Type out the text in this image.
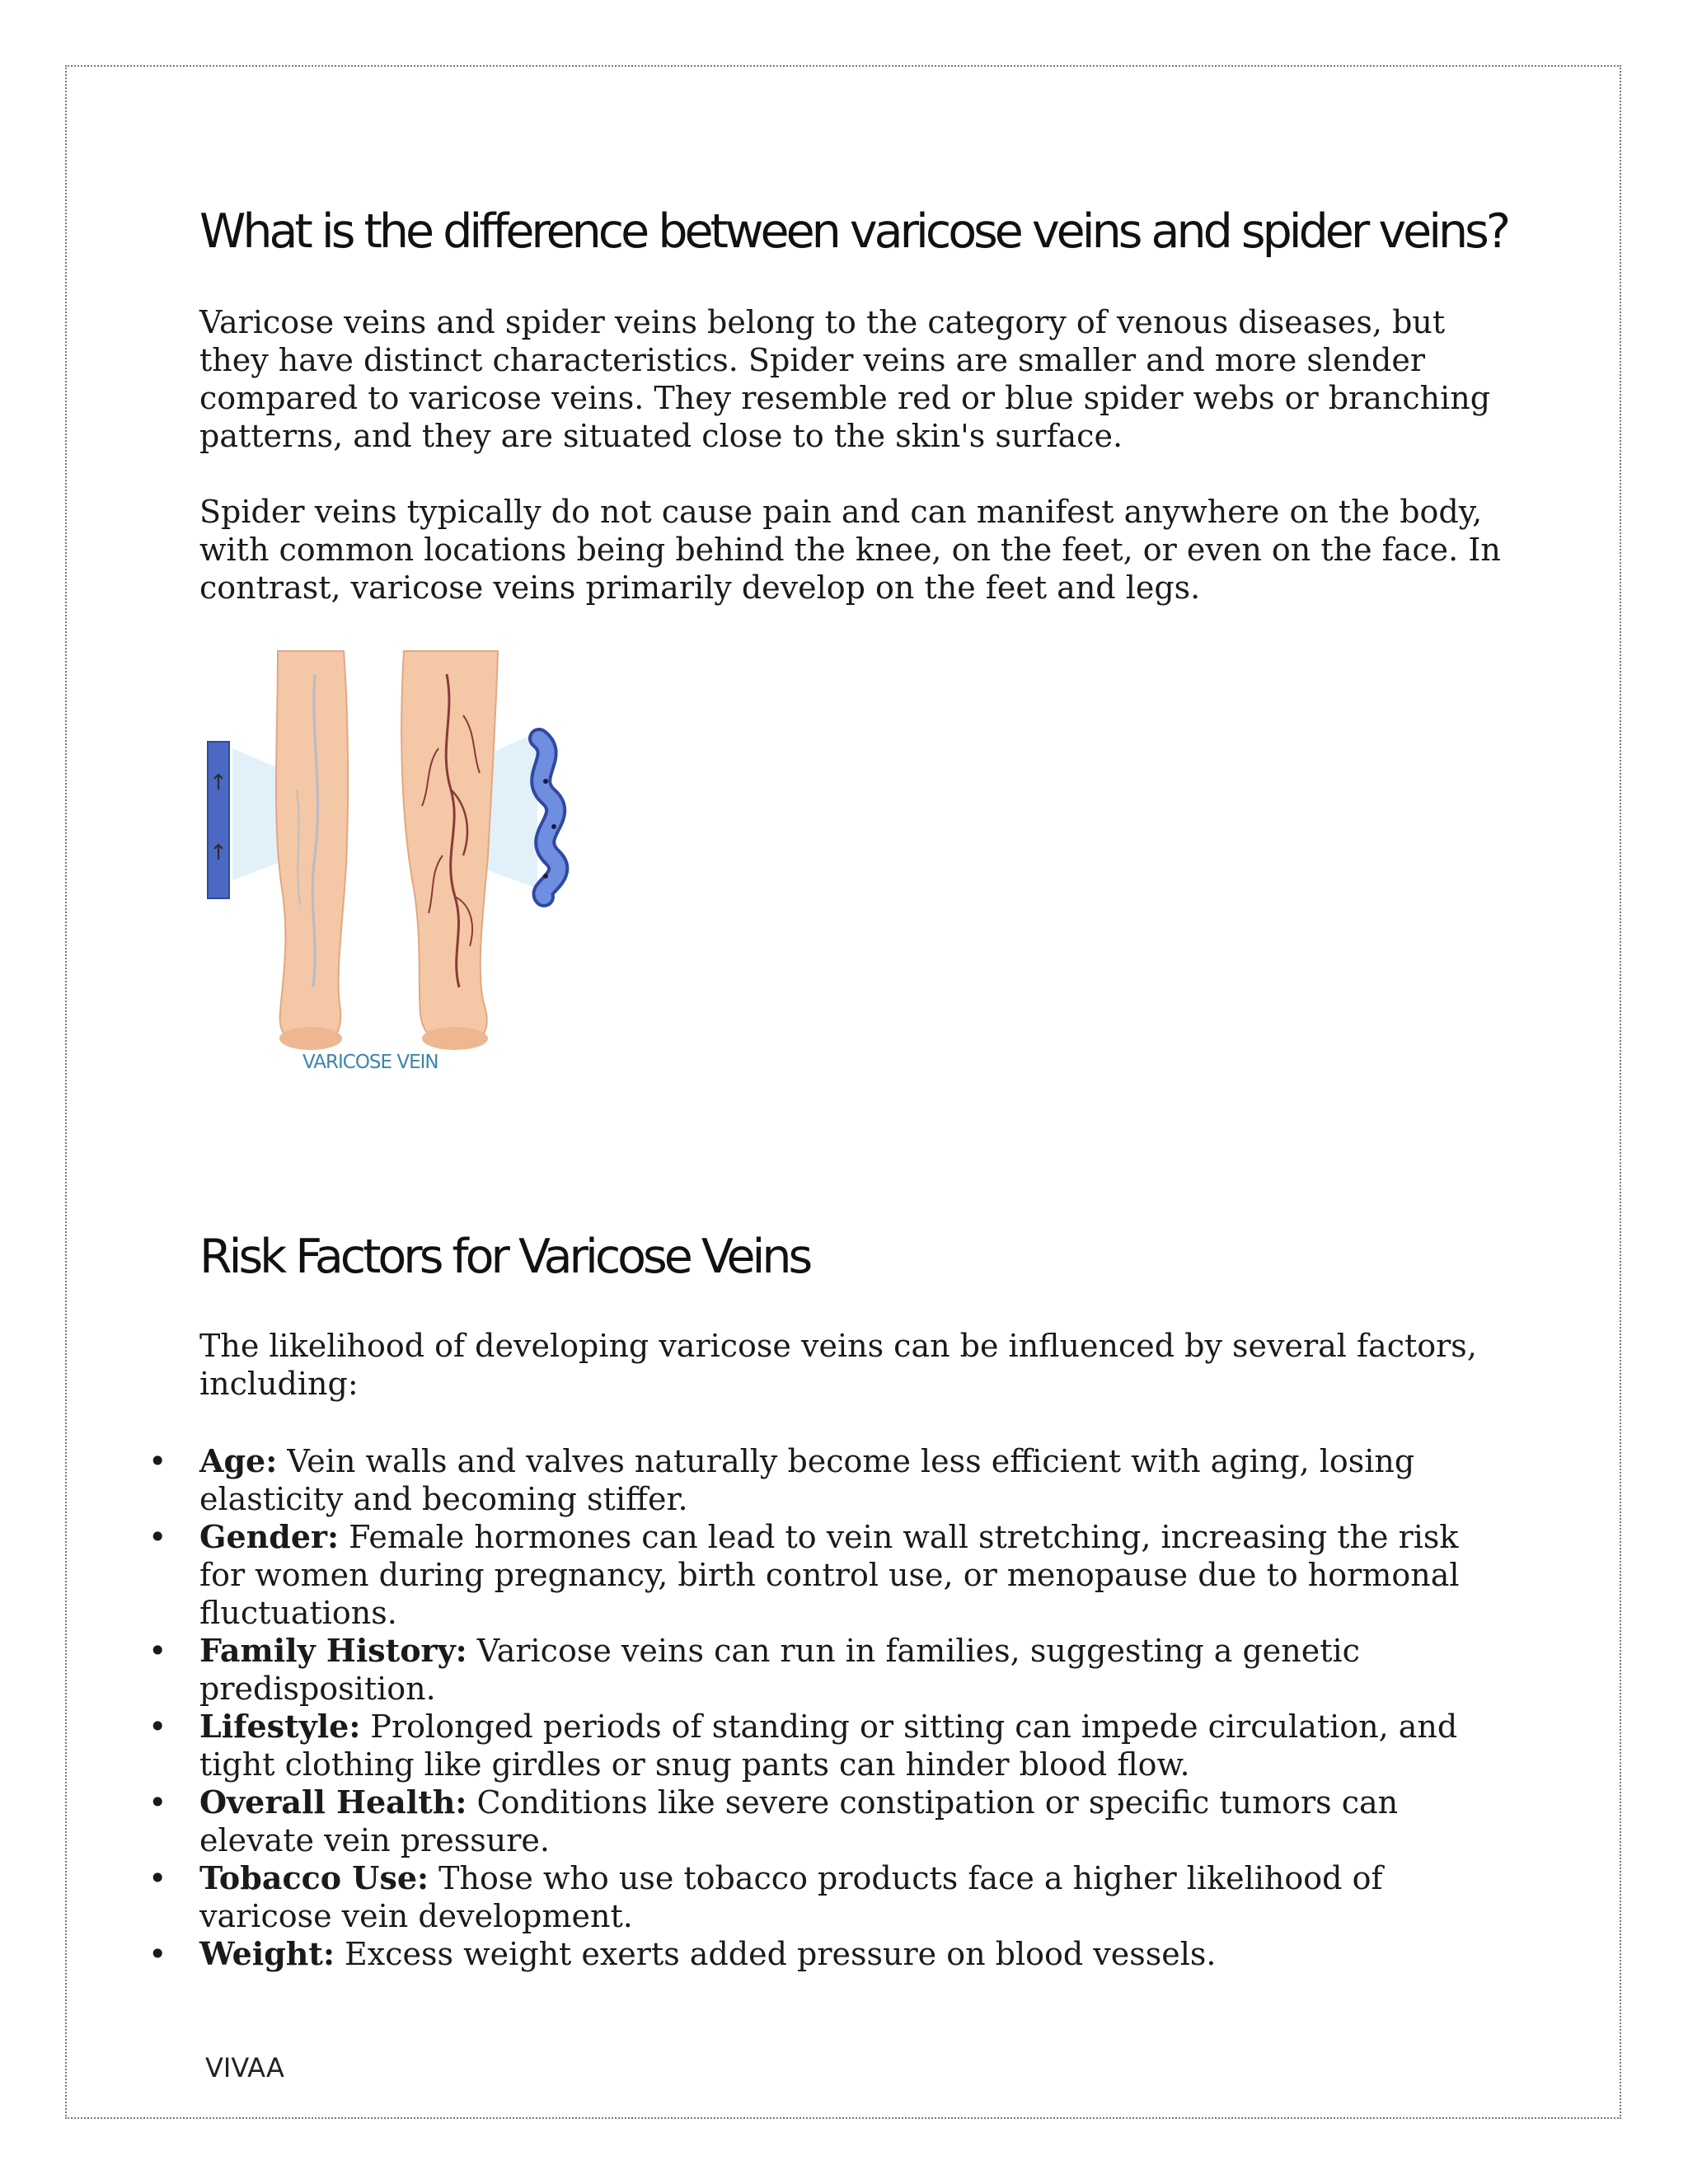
What is the difference between varicose veins and spider veins?

Varicose veins and spider veins belong to the category of venous diseases, but they have distinct characteristics. Spider veins are smaller and more slender compared to varicose veins. They resemble red or blue spider webs or branching patterns, and they are situated close to the skin's surface.

Spider veins typically do not cause pain and can manifest anywhere on the body, with common locations being behind the knee, on the feet, or even on the face. In contrast, varicose veins primarily develop on the feet and legs.

Risk Factors for Varicose Veins

The likelihood of developing varicose veins can be influenced by several factors, including:

• Age: Vein walls and valves naturally become less efficient with aging, losing elasticity and becoming stiffer.
• Gender: Female hormones can lead to vein wall stretching, increasing the risk for women during pregnancy, birth control use, or menopause due to hormonal fluctuations.
• Family History: Varicose veins can run in families, suggesting a genetic predisposition.
• Lifestyle: Prolonged periods of standing or sitting can impede circulation, and tight clothing like girdles or snug pants can hinder blood flow.
• Overall Health: Conditions like severe constipation or specific tumors can elevate vein pressure.
• Tobacco Use: Those who use tobacco products face a higher likelihood of varicose vein development.
• Weight: Excess weight exerts added pressure on blood vessels.
↑
↑
VARICOSE VEIN
VIVAA
